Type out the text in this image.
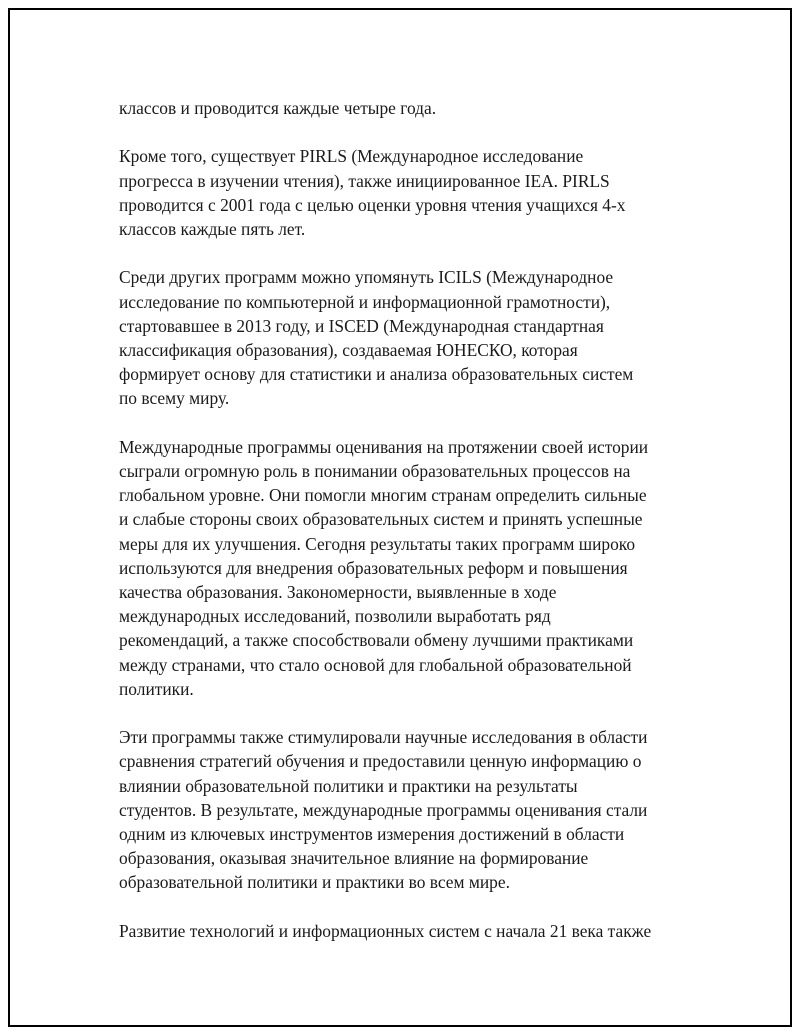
классов и проводится каждые четыре года.

Кроме того, существует PIRLS (Международное исследование
прогресса в изучении чтения), также инициированное IEA. PIRLS
проводится с 2001 года с целью оценки уровня чтения учащихся 4-х
классов каждые пять лет.

Среди других программ можно упомянуть ICILS (Международное
исследование по компьютерной и информационной грамотности),
стартовавшее в 2013 году, и ISCED (Международная стандартная
классификация образования), создаваемая ЮНЕСКО, которая
формирует основу для статистики и анализа образовательных систем
по всему миру.

Международные программы оценивания на протяжении своей истории
сыграли огромную роль в понимании образовательных процессов на
глобальном уровне. Они помогли многим странам определить сильные
и слабые стороны своих образовательных систем и принять успешные
меры для их улучшения. Сегодня результаты таких программ широко
используются для внедрения образовательных реформ и повышения
качества образования. Закономерности, выявленные в ходе
международных исследований, позволили выработать ряд
рекомендаций, а также способствовали обмену лучшими практиками
между странами, что стало основой для глобальной образовательной
политики.

Эти программы также стимулировали научные исследования в области
сравнения стратегий обучения и предоставили ценную информацию о
влиянии образовательной политики и практики на результаты
студентов. В результате, международные программы оценивания стали
одним из ключевых инструментов измерения достижений в области
образования, оказывая значительное влияние на формирование
образовательной политики и практики во всем мире.

Развитие технологий и информационных систем с начала 21 века также
